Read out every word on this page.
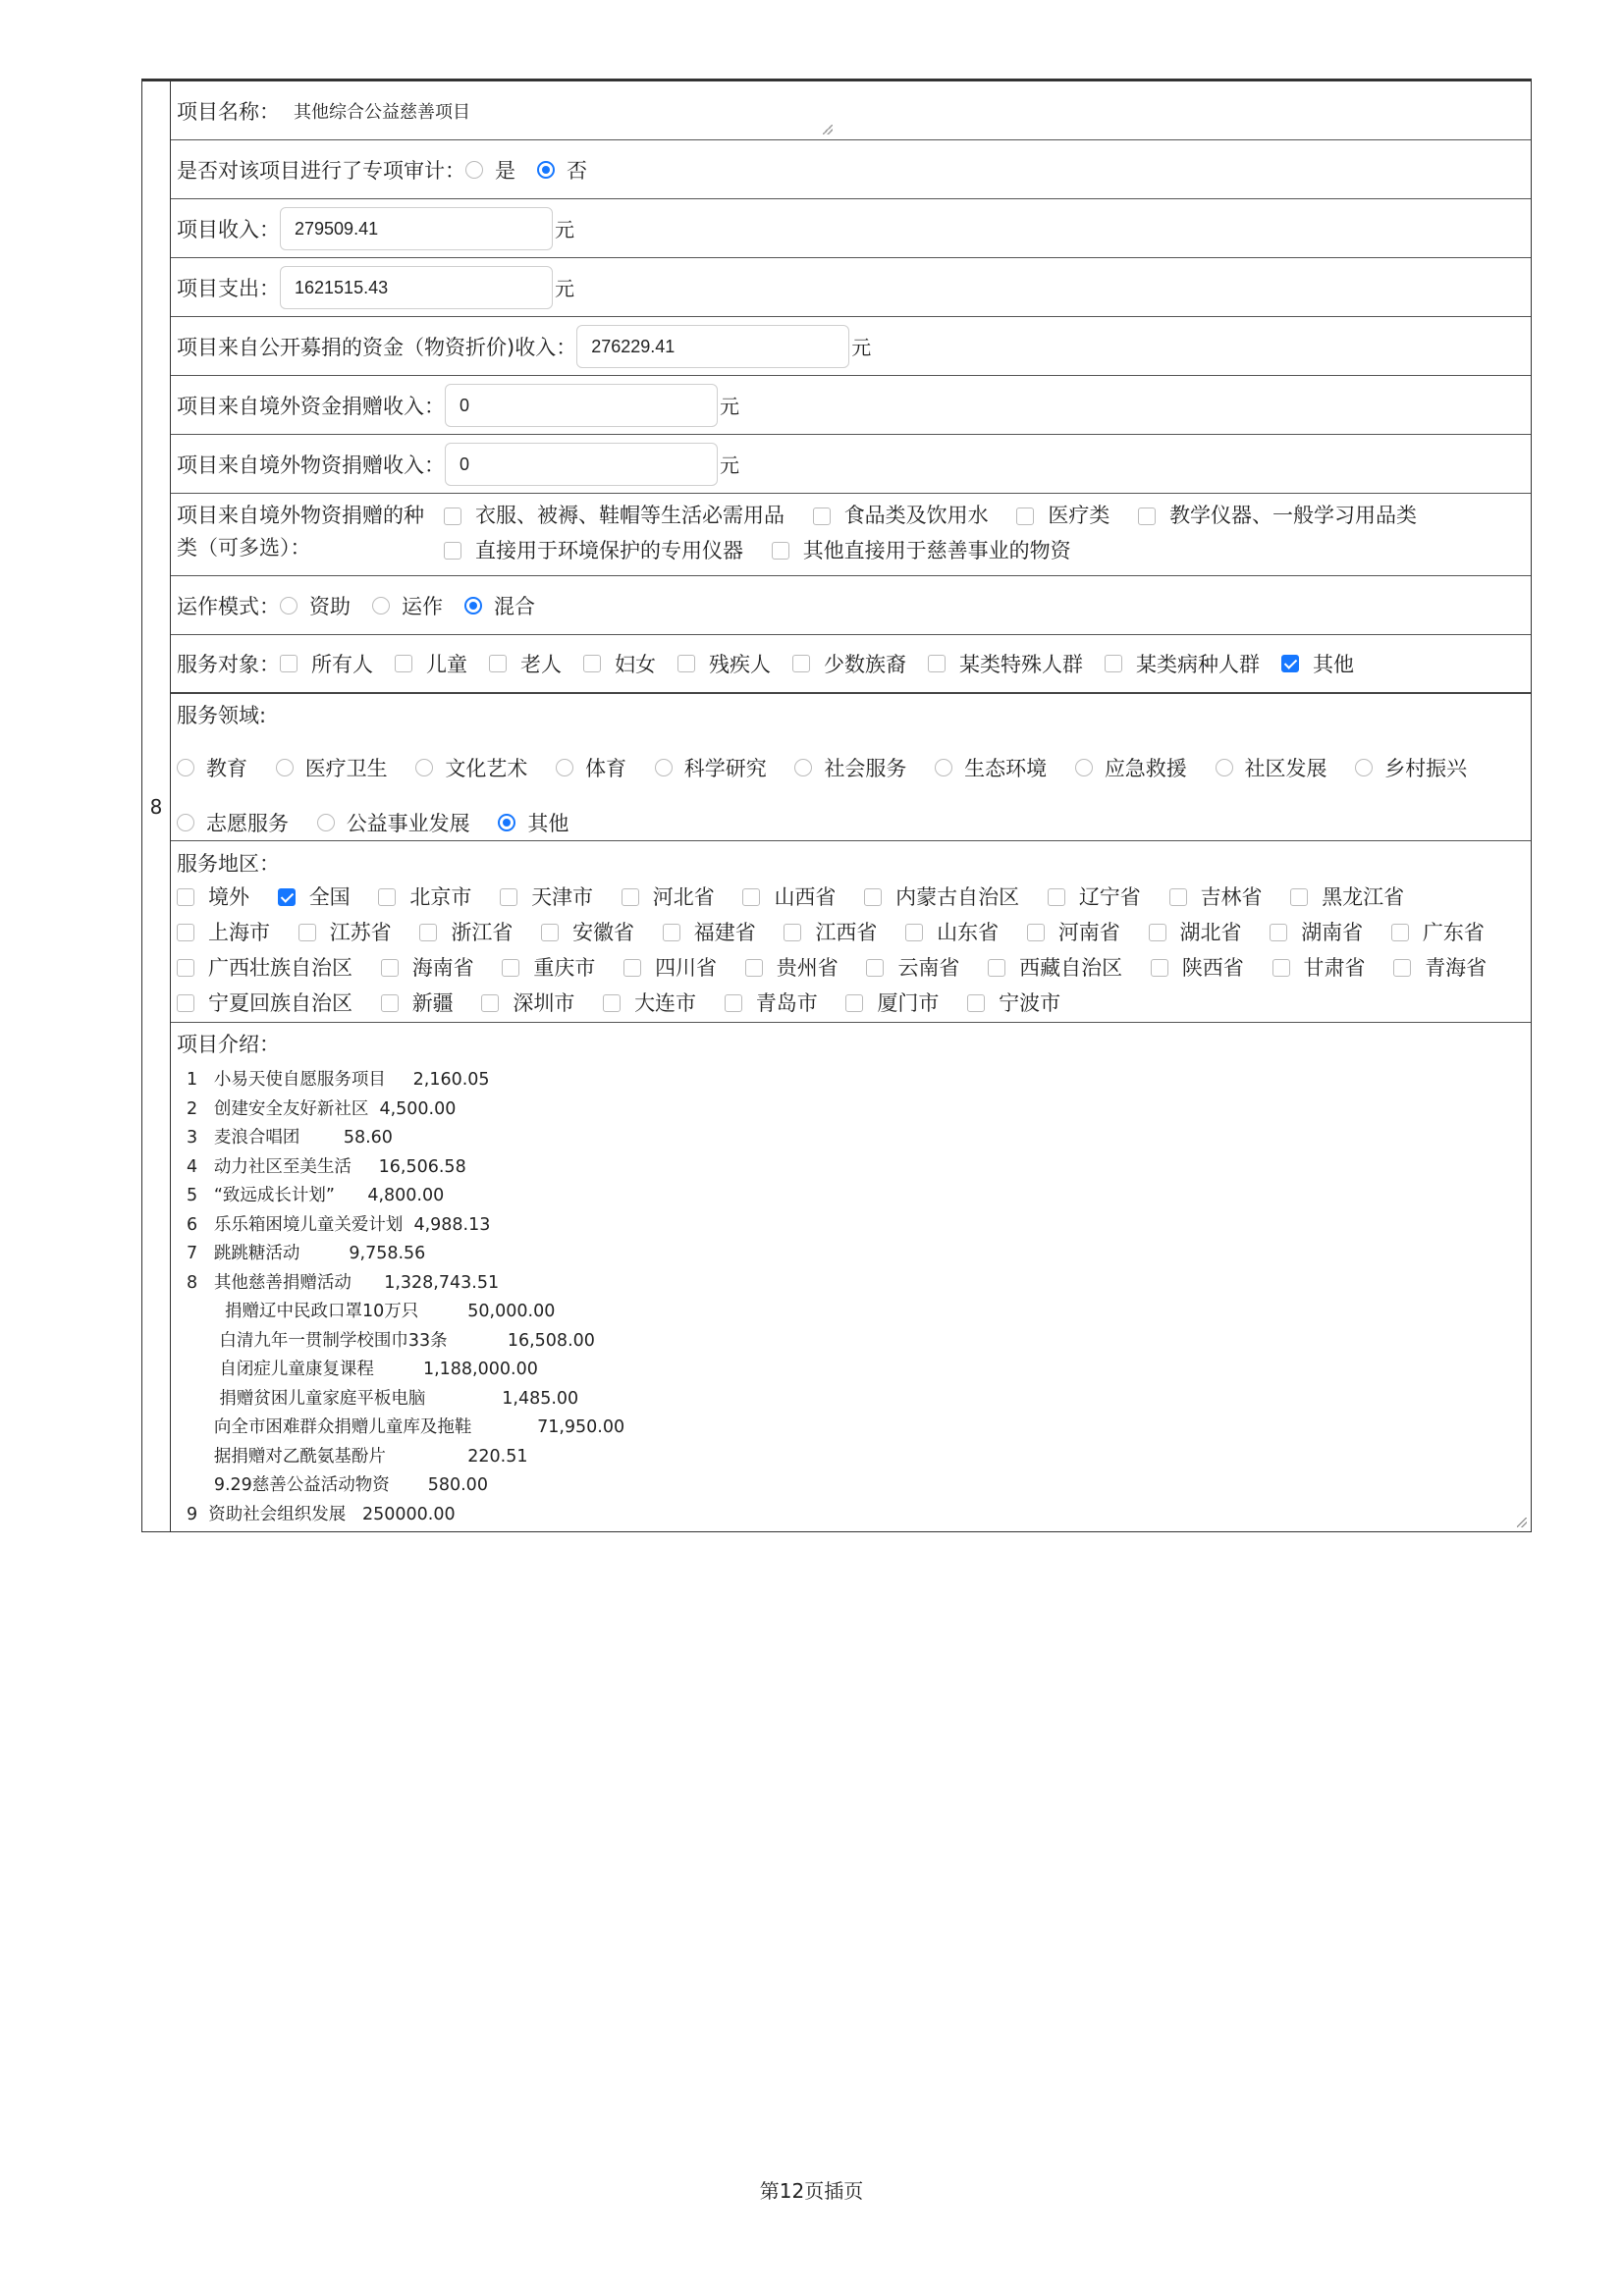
8
项目名称： 其他综合公益慈善项目
是否对该项目进行了专项审计： 是 否
项目收入： 279509.41	元
项目支出： 1621515.43	元
项目来自公开募捐的资金（物资折价)收入： 276229.41	元
项目来自境外资金捐赠收入： 0	元
项目来自境外物资捐赠收入： 0	元
项目来自境外物资捐赠的种
类（可多选）：
衣服、被褥、鞋帽等生活必需用品
	食品类及饮用水
	医疗类
	教学仪器、一般学习用品类
直接用于环境保护的专用仪器
	其他直接用于慈善事业的物资
运作模式： 资助 运作 混合
服务对象： 所有人	儿童	老人	妇女	残疾人	少数族裔	某类特殊人群	某类病种人群	其他
服务领域:
教育
	医疗卫生
	文化艺术
	体育
	科学研究
	社会服务
	生态环境
	应急救援
	社区发展
	乡村振兴
志愿服务
	公益事业发展
	其他
服务地区：
境外
	全国
	北京市
	天津市
	河北省
	山西省
	内蒙古自治区
	辽宁省
	吉林省
	黑龙江省
上海市
	江苏省
	浙江省
	安徽省
	福建省
	江西省
	山东省
	河南省
	湖北省
	湖南省
	广东省
广西壮族自治区
	海南省
	重庆市
	四川省
	贵州省
	云南省
	西藏自治区
	陕西省
	甘肃省
	青海省
宁夏回族自治区
	新疆
	深圳市
	大连市
	青岛市
	厦门市
	宁波市
项目介绍：
1   小易天使自愿服务项目     2,160.05
2   创建安全友好新社区  4,500.00
3   麦浪合唱团        58.60
4   动力社区至美生活     16,506.58
5   “致远成长计划”      4,800.00
6   乐乐箱困境儿童关爱计划  4,988.13
7   跳跳糖活动         9,758.56
8   其他慈善捐赠活动      1,328,743.51
捐赠辽中民政口罩10万只         50,000.00
白清九年一贯制学校围巾33条           16,508.00
自闭症儿童康复课程         1,188,000.00
捐赠贫困儿童家庭平板电脑              1,485.00
向全市困难群众捐赠儿童库及拖鞋            71,950.00
据捐赠对乙酰氨基酚片               220.51
9.29慈善公益活动物资       580.00
9  资助社会组织发展   250000.00
第12页插页
